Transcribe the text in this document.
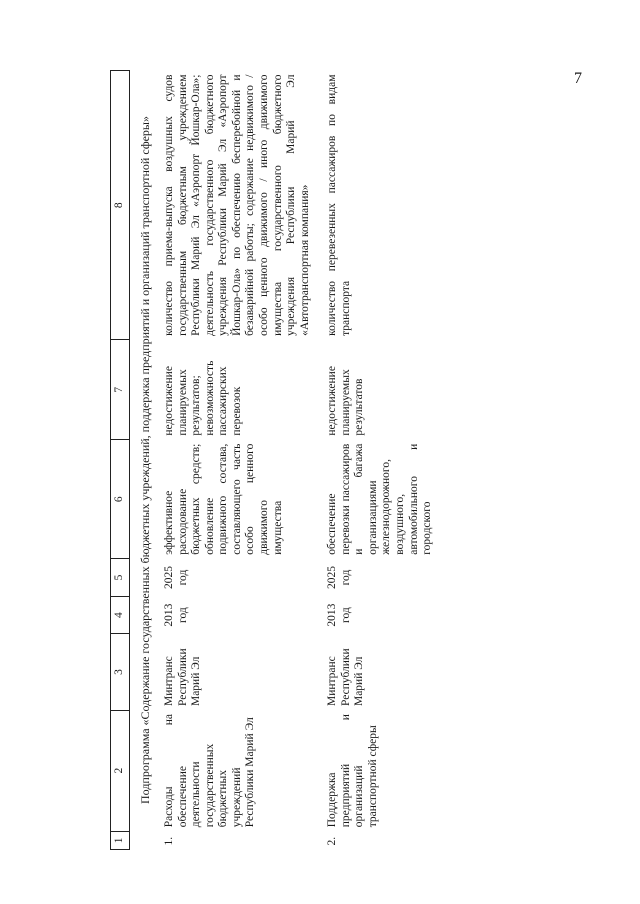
7
1	2	3	4	5	6	7	8
Подпрограмма «Содержание государственных бюджетных учреждений, поддержка предприятий и организаций транспортной сферы»							
1.	Расходы на обеспечение деятельности государственных бюджетных учреждений Республики Марий Эл	Минтранс Республики Марий Эл	2013 год	2025 год	эффективное расходование бюджетных средств; обновление подвижного состава, составляющего часть особо ценного движимого имущества	недостижение планируемых результатов; невозможность пассажирских перевозок	количество приема-выпуска воздушных судов государственным бюджетным учреждением Республики Марий Эл «Аэропорт Йошкар-Ола»; деятельность государственного бюджетного учреждения Республики Марий Эл «Аэропорт Йошкар-Ола» по обеспечению бесперебойной и безаварийной работы; содержание недвижимого / особо ценного движимого / иного движимого имущества государственного бюджетного учреждения Республики Марий Эл «Автотранспортная компания»
2.	Поддержка предприятий и организаций транспортной сферы	Минтранс Республики Марий Эл	2013 год	2025 год	обеспечение перевозки пассажиров и багажа организациями железнодорожного, воздушного, автомобильного и городского	недостижение планируемых результатов	количество перевезенных пассажиров по видам транспорта
